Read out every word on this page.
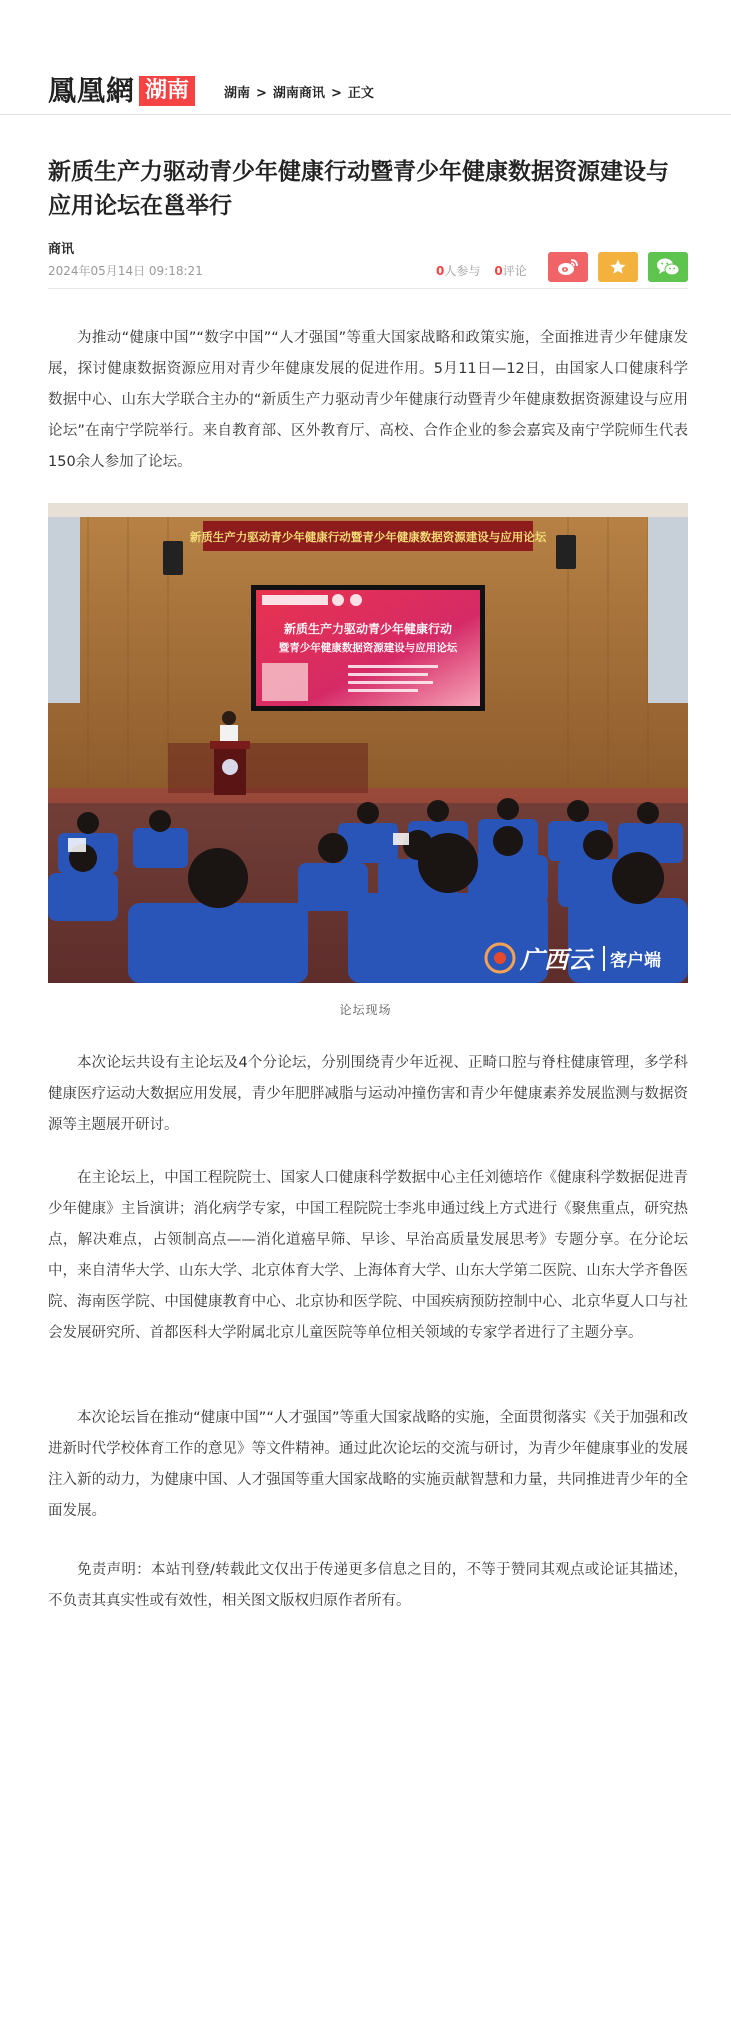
鳳凰網 湖南	湖南 > 湖南商讯 > 正文
新质生产力驱动青少年健康行动暨青少年健康数据资源建设与应用论坛在邕举行
商讯
2024年05月14日 09:18:21	0人参与 0评论

为推动“健康中国”“数字中国”“人才强国”等重大国家战略和政策实施，全面推进青少年健康发展，探讨健康数据资源应用对青少年健康发展的促进作用。5月11日—12日，由国家人口健康科学数据中心、山东大学联合主办的“新质生产力驱动青少年健康行动暨青少年健康数据资源建设与应用论坛”在南宁学院举行。来自教育部、区外教育厅、高校、合作企业的参会嘉宾及南宁学院师生代表150余人参加了论坛。

新质生产力驱动青少年健康行动暨青少年健康数据资源建设与应用论坛
新质生产力驱动青少年健康行动
暨青少年健康数据资源建设与应用论坛
广西云 客户端
论坛现场

本次论坛共设有主论坛及4个分论坛，分别围绕青少年近视、正畸口腔与脊柱健康管理，多学科健康医疗运动大数据应用发展，青少年肥胖减脂与运动冲撞伤害和青少年健康素养发展监测与数据资源等主题展开研讨。

在主论坛上，中国工程院院士、国家人口健康科学数据中心主任刘德培作《健康科学数据促进青少年健康》主旨演讲；消化病学专家，中国工程院院士李兆申通过线上方式进行《聚焦重点，研究热点，解决难点，占领制高点——消化道癌早筛、早诊、早治高质量发展思考》专题分享。在分论坛中，来自清华大学、山东大学、北京体育大学、上海体育大学、山东大学第二医院、山东大学齐鲁医院、海南医学院、中国健康教育中心、北京协和医学院、中国疾病预防控制中心、北京华夏人口与社会发展研究所、首都医科大学附属北京儿童医院等单位相关领域的专家学者进行了主题分享。

本次论坛旨在推动“健康中国”“人才强国”等重大国家战略的实施，全面贯彻落实《关于加强和改进新时代学校体育工作的意见》等文件精神。通过此次论坛的交流与研讨，为青少年健康事业的发展注入新的动力，为健康中国、人才强国等重大国家战略的实施贡献智慧和力量，共同推进青少年的全面发展。

免责声明：本站刊登/转载此文仅出于传递更多信息之目的，不等于赞同其观点或论证其描述，不负责其真实性或有效性，相关图文版权归原作者所有。
